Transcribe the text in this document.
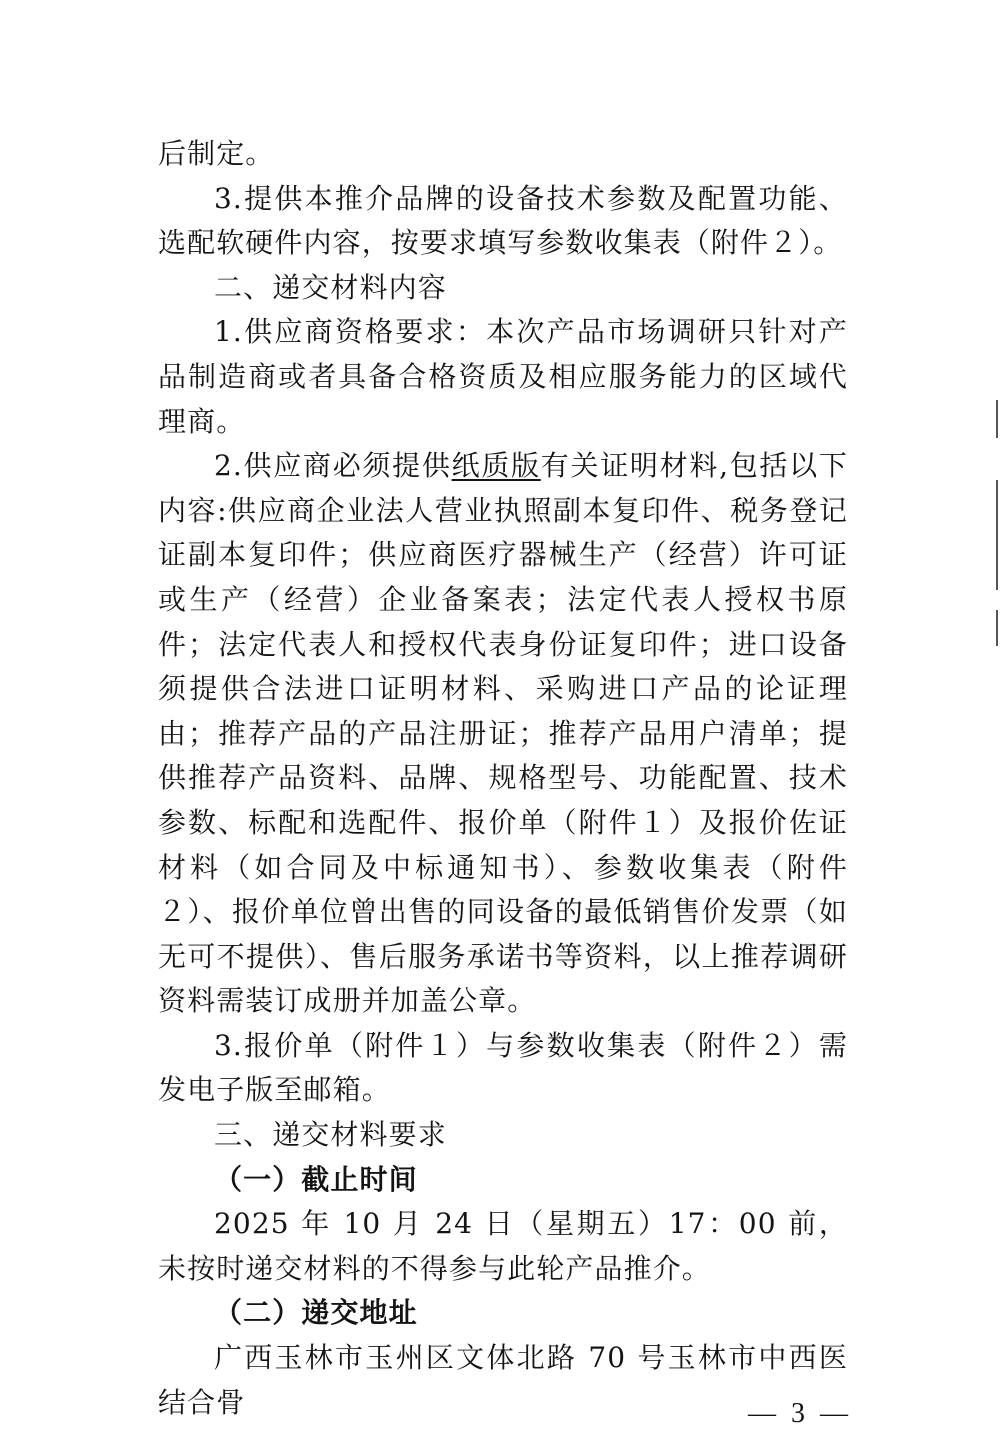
后制定。

3.提供本推介品牌的设备技术参数及配置功能、选配软硬件内容，按要求填写参数收集表（附件２）。

二、递交材料内容

1.供应商资格要求：本次产品市场调研只针对产品制造商或者具备合格资质及相应服务能力的区域代理商。

2.供应商必须提供纸质版有关证明材料,包括以下内容:供应商企业法人营业执照副本复印件、税务登记证副本复印件；供应商医疗器械生产（经营）许可证或生产（经营）企业备案表；法定代表人授权书原件；法定代表人和授权代表身份证复印件；进口设备须提供合法进口证明材料、采购进口产品的论证理由；推荐产品的产品注册证；推荐产品用户清单；提供推荐产品资料、品牌、规格型号、功能配置、技术参数、标配和选配件、报价单（附件１）及报价佐证材料（如合同及中标通知书）、参数收集表（附件２）、报价单位曾出售的同设备的最低销售价发票（如无可不提供）、售后服务承诺书等资料，以上推荐调研资料需装订成册并加盖公章。

3.报价单（附件１）与参数收集表（附件２）需发电子版至邮箱。

三、递交材料要求

（一）截止时间

2025 年 10 月 24 日（星期五）17：00 前，未按时递交材料的不得参与此轮产品推介。

（二）递交地址

广西玉林市玉州区文体北路 70 号玉林市中西医结合骨	— 3 —
